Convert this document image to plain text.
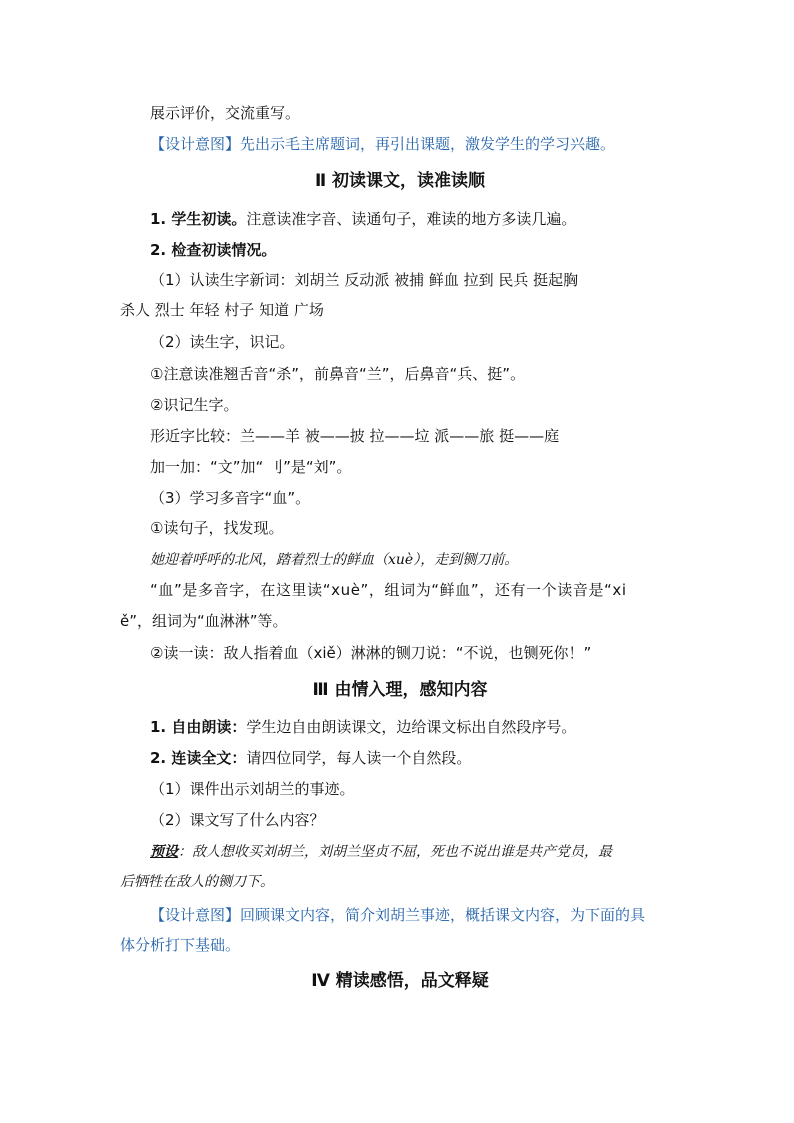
展示评价，交流重写。
【设计意图】先出示毛主席题词，再引出课题，激发学生的学习兴趣。
Ⅱ 初读课文，读准读顺
1. 学生初读。注意读准字音、读通句子，难读的地方多读几遍。
2. 检查初读情况。
（1）认读生字新词：刘胡兰 反动派 被捕 鲜血 拉到 民兵 挺起胸
杀人 烈士 年轻 村子 知道 广场
（2）读生字，识记。
①注意读准翘舌音“杀”，前鼻音“兰”，后鼻音“兵、挺”。
②识记生字。
形近字比较：兰——羊 被——披 拉——垃 派——旅 挺——庭
加一加：“文”加“ 刂”是“刘”。
（3）学习多音字“血”。
①读句子，找发现。
她迎着呼呼的北风，踏着烈士的鲜血（xuè），走到铡刀前。
“血”是多音字，在这里读“xuè”，组词为“鲜血”，还有一个读音是“xi
ě”，组词为“血淋淋”等。
②读一读：敌人指着血（xiě）淋淋的铡刀说：“不说，也铡死你！”
Ⅲ 由情入理，感知内容
1. 自由朗读：学生边自由朗读课文，边给课文标出自然段序号。
2. 连读全文：请四位同学，每人读一个自然段。
（1）课件出示刘胡兰的事迹。
（2）课文写了什么内容？
预设：敌人想收买刘胡兰，刘胡兰坚贞不屈，死也不说出谁是共产党员，最
后牺牲在敌人的铡刀下。
【设计意图】回顾课文内容，简介刘胡兰事迹，概括课文内容，为下面的具
体分析打下基础。
Ⅳ 精读感悟，品文释疑
